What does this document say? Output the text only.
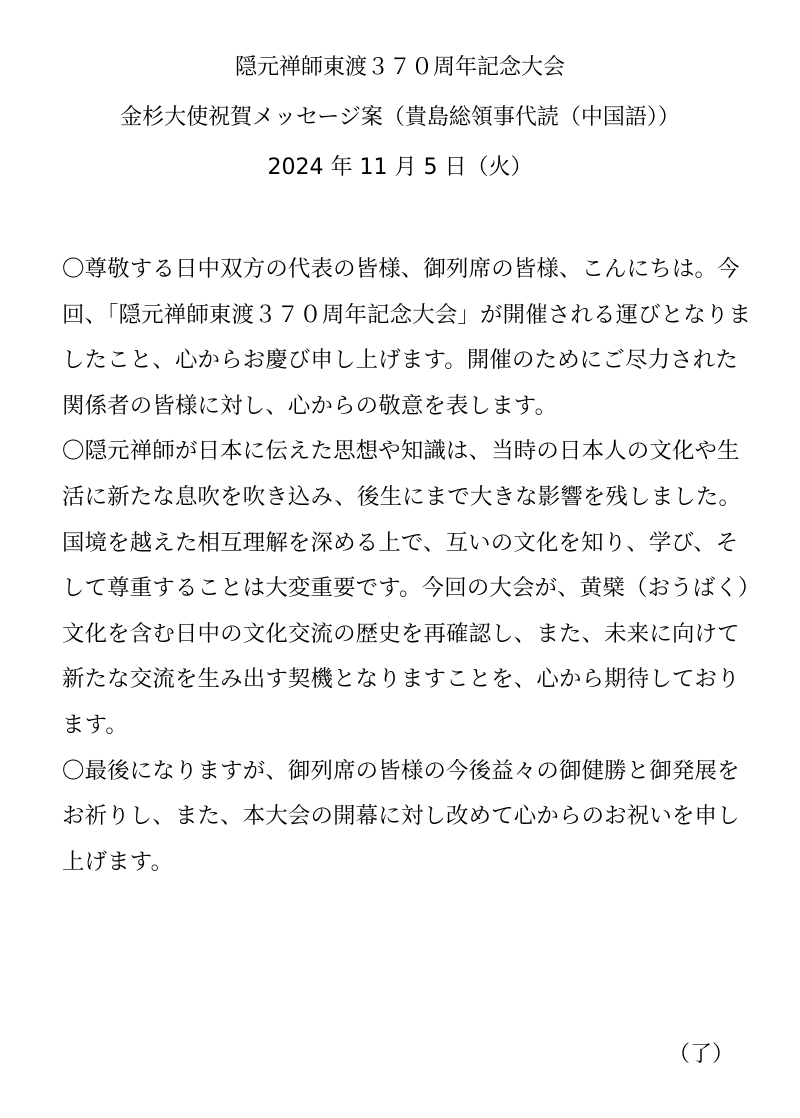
隠元禅師東渡３７０周年記念大会
金杉大使祝賀メッセージ案（貴島総領事代読（中国語））
2024 年 11 月 5 日（火）

〇尊敬する日中双方の代表の皆様、御列席の皆様、こんにちは。今回、「隠元禅師東渡３７０周年記念大会」が開催される運びとなりましたこと、心からお慶び申し上げます。開催のためにご尽力された関係者の皆様に対し、心からの敬意を表します。

〇隠元禅師が日本に伝えた思想や知識は、当時の日本人の文化や生活に新たな息吹を吹き込み、後生にまで大きな影響を残しました。国境を越えた相互理解を深める上で、互いの文化を知り、学び、そして尊重することは大変重要です。今回の大会が、黄檗（おうばく）文化を含む日中の文化交流の歴史を再確認し、また、未来に向けて新たな交流を生み出す契機となりますことを、心から期待しております。

〇最後になりますが、御列席の皆様の今後益々の御健勝と御発展をお祈りし、また、本大会の開幕に対し改めて心からのお祝いを申し上げます。

（了）
